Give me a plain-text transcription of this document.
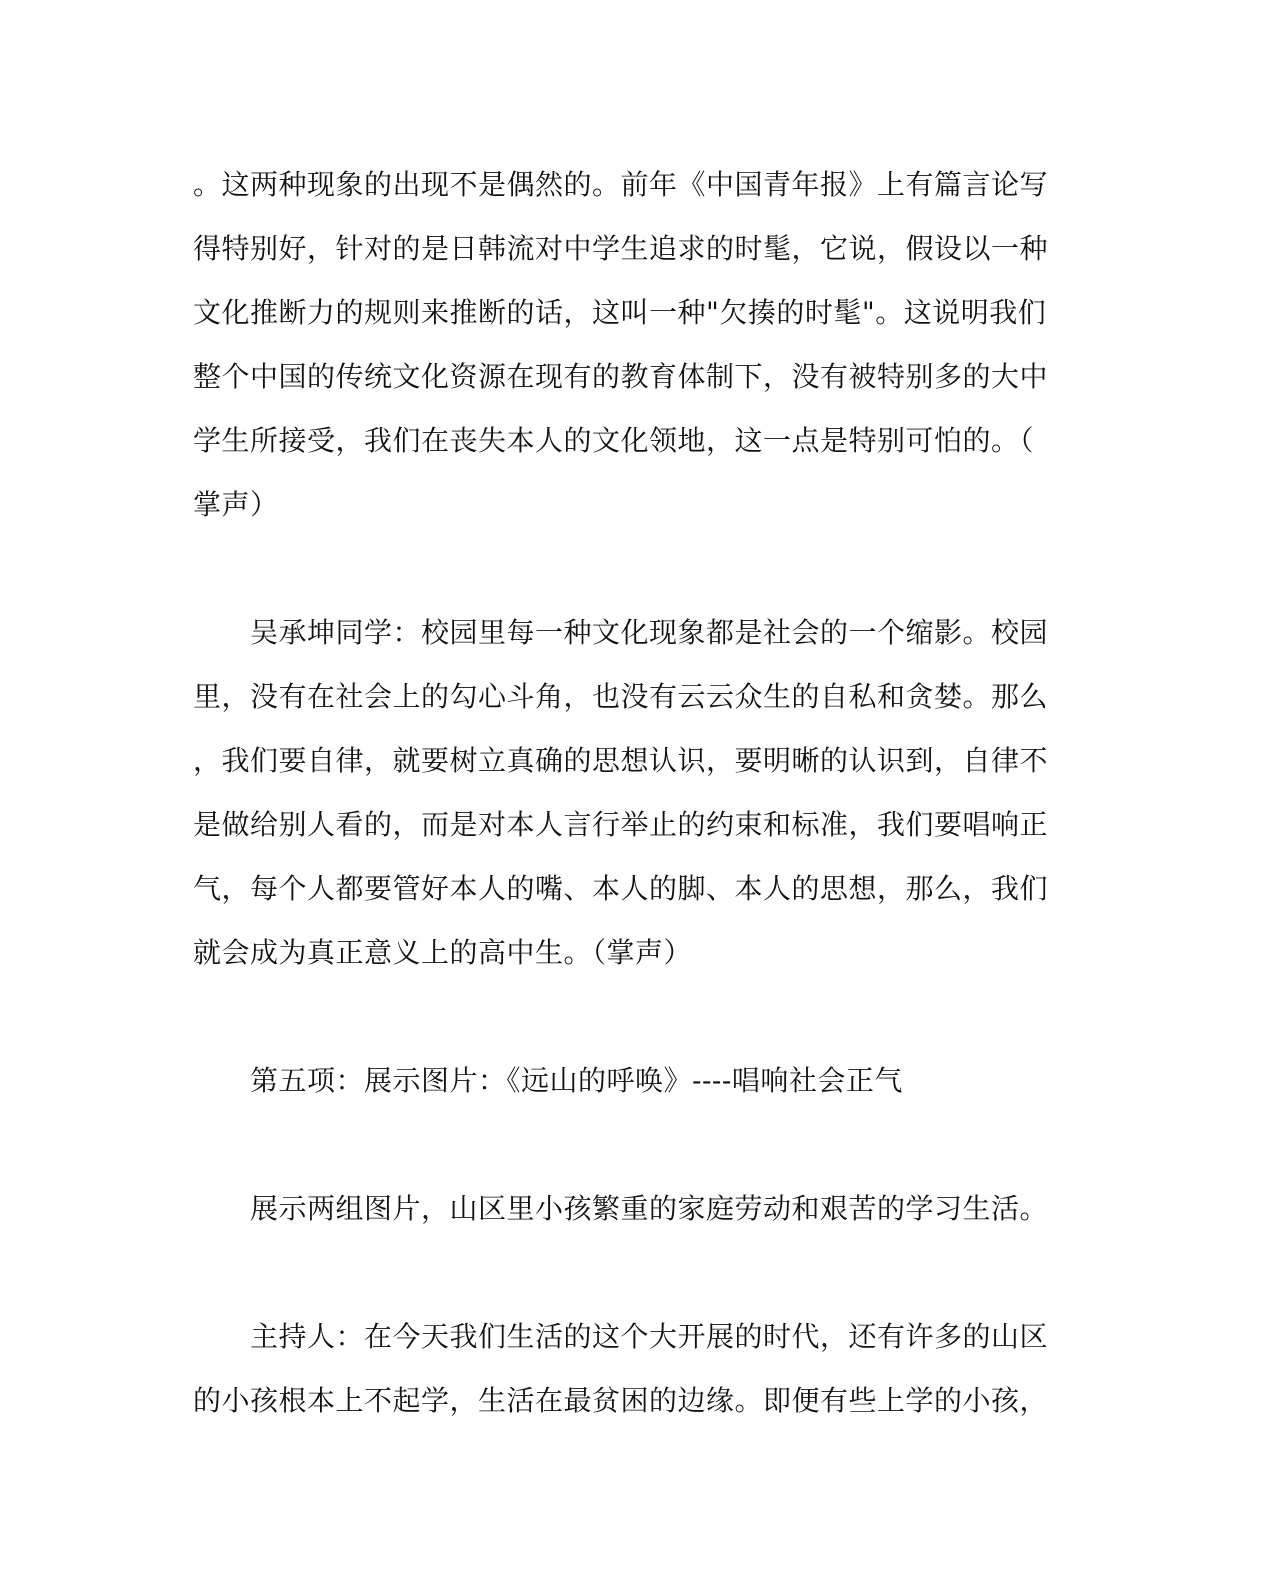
。这两种现象的出现不是偶然的。前年《中国青年报》上有篇言论写
得特别好，针对的是日韩流对中学生追求的时髦，它说，假设以一种
文化推断力的规则来推断的话，这叫一种"欠揍的时髦"。这说明我们
整个中国的传统文化资源在现有的教育体制下，没有被特别多的大中
学生所接受，我们在丧失本人的文化领地，这一点是特别可怕的。（
掌声）
吴承坤同学：校园里每一种文化现象都是社会的一个缩影。校园
里，没有在社会上的勾心斗角，也没有云云众生的自私和贪婪。那么
，我们要自律，就要树立真确的思想认识，要明晰的认识到，自律不
是做给别人看的，而是对本人言行举止的约束和标准，我们要唱响正
气，每个人都要管好本人的嘴、本人的脚、本人的思想，那么，我们
就会成为真正意义上的高中生。（掌声）
第五项：展示图片：《远山的呼唤》----唱响社会正气
展示两组图片，山区里小孩繁重的家庭劳动和艰苦的学习生活。
主持人：在今天我们生活的这个大开展的时代，还有许多的山区
的小孩根本上不起学，生活在最贫困的边缘。即便有些上学的小孩，
